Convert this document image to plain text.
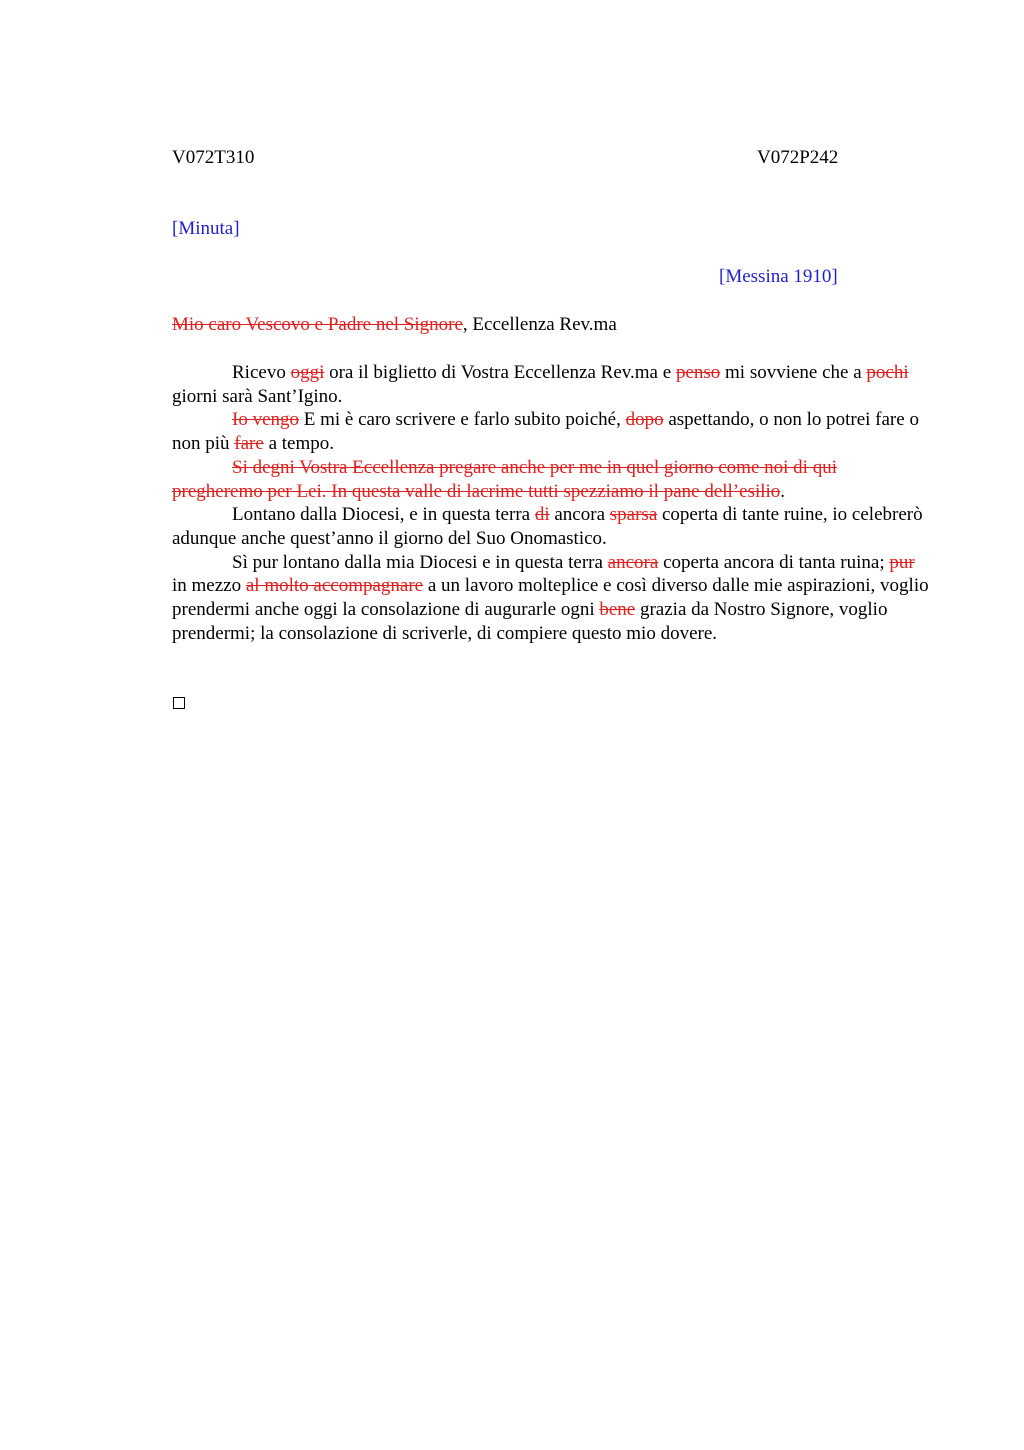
V072T310	V072P242
[Minuta]
[Messina 1910]
Mio caro Vescovo e Padre nel Signore, Eccellenza Rev.ma

Ricevo oggi ora il biglietto di Vostra Eccellenza Rev.ma e penso mi sovviene che a pochi giorni sarà Sant’Igino.

Io vengo E mi è caro scrivere e farlo subito poiché, dopo aspettando, o non lo potrei fare o non più fare a tempo.

Si degni Vostra Eccellenza pregare anche per me in quel giorno come noi di qui pregheremo per Lei. In questa valle di lacrime tutti spezziamo il pane dell’esilio.

Lontano dalla Diocesi, e in questa terra di ancora sparsa coperta di tante ruine, io celebrerò adunque anche quest’anno il giorno del Suo Onomastico.

Sì pur lontano dalla mia Diocesi e in questa terra ancora coperta ancora di tanta ruina; pur in mezzo al molto accompagnare a un lavoro molteplice e così diverso dalle mie aspirazioni, voglio prendermi anche oggi la consolazione di augurarle ogni bene grazia da Nostro Signore, voglio prendermi; la consolazione di scriverle, di compiere questo mio dovere.
